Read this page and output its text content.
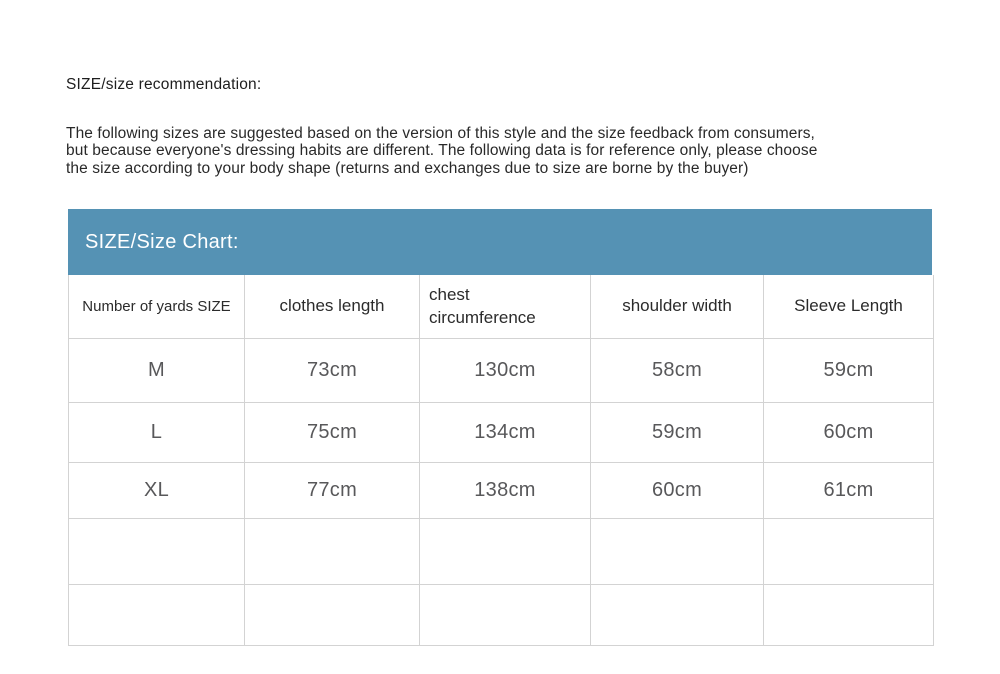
SIZE/size recommendation:
The following sizes are suggested based on the version of this style and the size feedback from consumers,
but because everyone's dressing habits are different. The following data is for reference only, please choose
the size according to your body shape (returns and exchanges due to size are borne by the buyer)
SIZE/Size Chart:
Number of yards SIZE	clothes length	chest circumference	shoulder width	Sleeve Length
M	73cm	130cm	58cm	59cm
L	75cm	134cm	59cm	60cm
XL	77cm	138cm	60cm	61cm
